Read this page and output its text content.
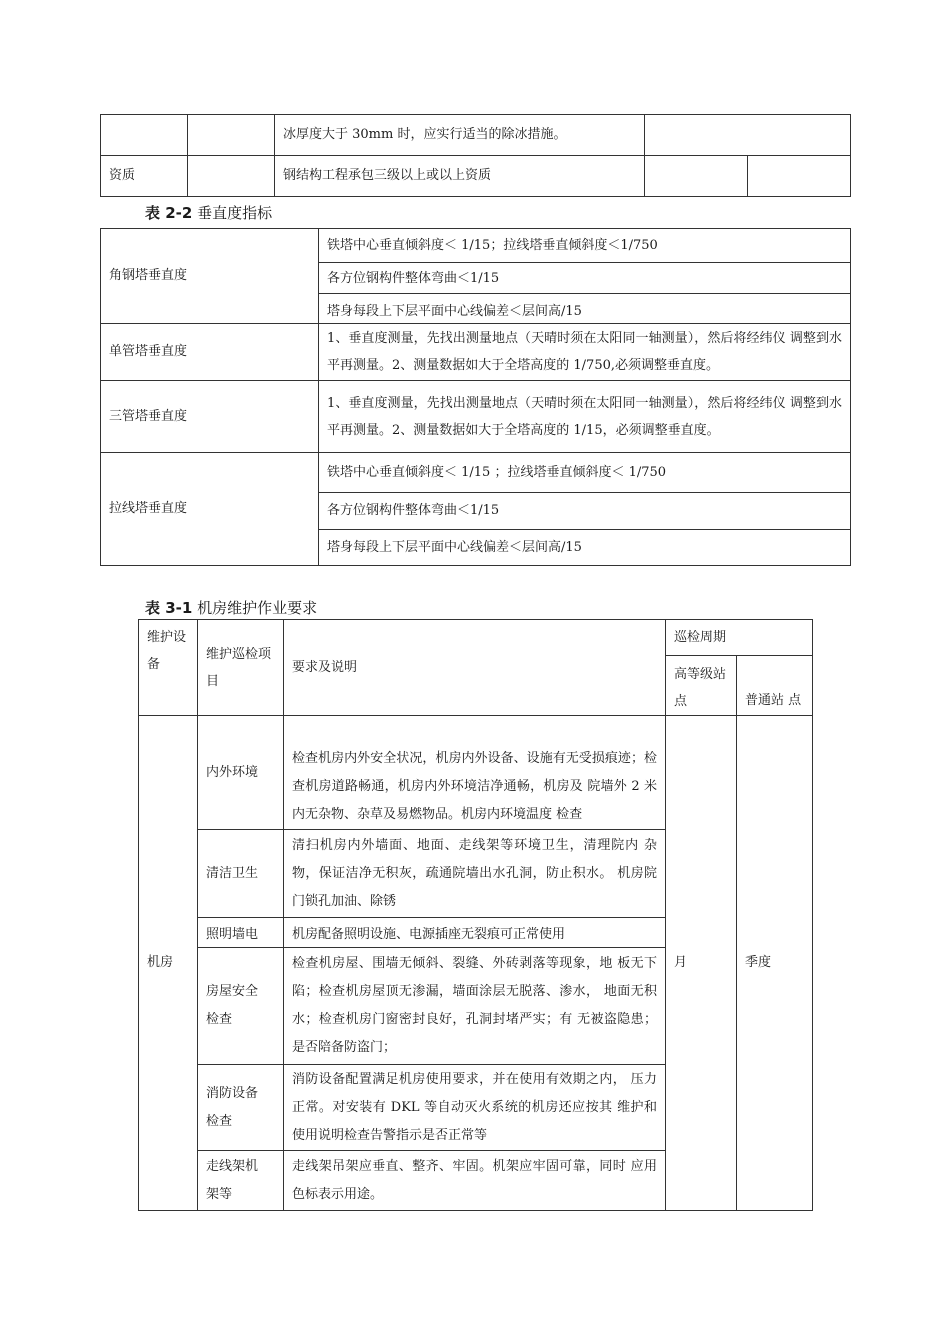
		冰厚度大于 30mm 时，应实行适当的除冰措施。		
资质		钢结构工程承包三级以上或以上资质		
表 2-2 垂直度指标
角钢塔垂直度	铁塔中心垂直倾斜度＜ 1/15；拉线塔垂直倾斜度＜1/750
	各方位钢构件整体弯曲＜1/15
	塔身每段上下层平面中心线偏差＜层间高/15
单管塔垂直度	1、垂直度测量，先找出测量地点（天晴时须在太阳同一轴测量），然后将经纬仪 调整到水平再测量。2、测量数据如大于全塔高度的 1/750,必须调整垂直度。
三管塔垂直度	1、垂直度测量，先找出测量地点（天晴时须在太阳同一轴测量），然后将经纬仪 调整到水平再测量。2、测量数据如大于全塔高度的 1/15，必须调整垂直度。
拉线塔垂直度	铁塔中心垂直倾斜度＜ 1/15 ；拉线塔垂直倾斜度＜ 1/750
	各方位钢构件整体弯曲＜1/15
	塔身每段上下层平面中心线偏差＜层间高/15
表 3-1 机房维护作业要求
维护设备	维护巡检项目	要求及说明	巡检周期	
			高等级站点	普通站 点
机房	内外环境	检查机房内外安全状况，机房内外设备、设施有无受损痕迹；检查机房道路畅通，机房内外环境洁净通畅，机房及 院墙外 2 米内无杂物、杂草及易燃物品。机房内环境温度 检查	月	季度
	清洁卫生	清扫机房内外墙面、地面、走线架等环境卫生，清理院内 杂物，保证洁净无积灰，疏通院墙出水孔洞，防止积水。 机房院门锁孔加油、除锈		
	照明墙电	机房配备照明设施、电源插座无裂痕可正常使用		
	房屋安全 检查	检查机房屋、围墙无倾斜、裂缝、外砖剥落等现象，地 板无下陷；检查机房屋顶无渗漏，墙面涂层无脱落、渗水， 地面无积水；检查机房门窗密封良好，孔洞封堵严实；有 无被盗隐患；是否陪备防盗门；		
	消防设备 检查	消防设备配置满足机房使用要求，并在使用有效期之内， 压力正常。对安装有 DKL 等自动灭火系统的机房还应按其 维护和使用说明检查告警指示是否正常等		
	走线架机 架等	走线架吊架应垂直、整齐、牢固。机架应牢固可靠，同时 应用色标表示用途。		
